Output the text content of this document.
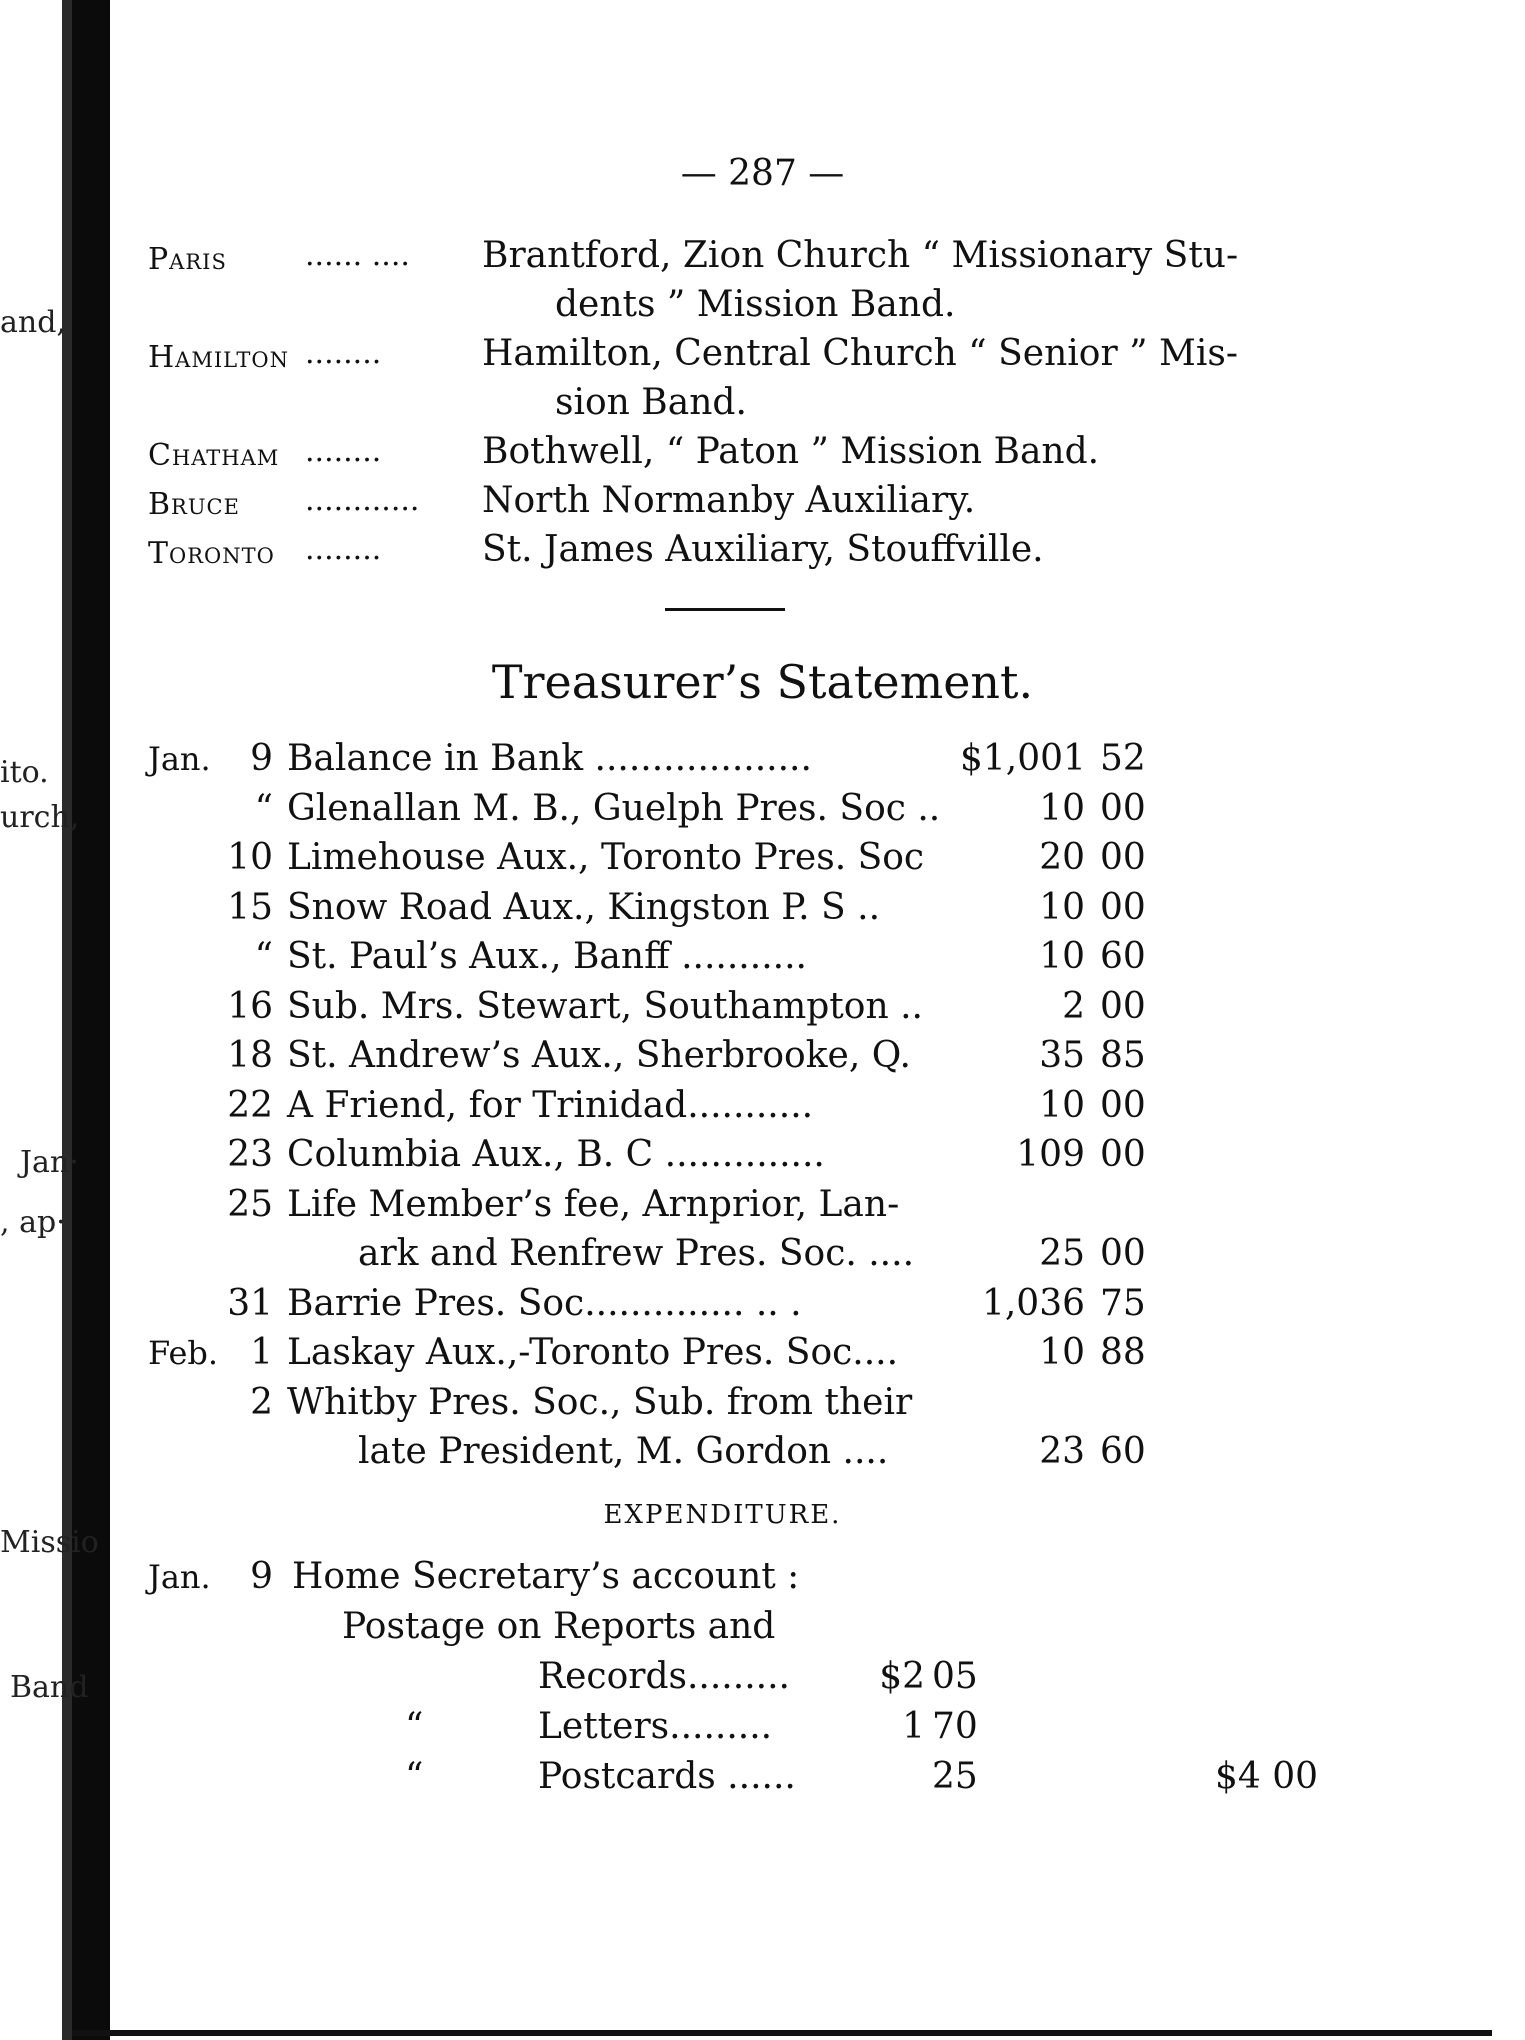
and,
ito.
urch,
Jan·
, ap·
Missio
Band
— 287 —
Paris	...... .... Brantford, Zion Church “ Missionary Stu-
dents ” Mission Band.
Hamilton ........	Hamilton, Central Church “ Senior ” Mis-
sion Band.
Chatham ........	Bothwell, “ Paton ” Mission Band.
Bruce ............ North Normanby Auxiliary.
Toronto ........	St. James Auxiliary, Stouffville.
Treasurer’s Statement.
Jan.	9 Balance in Bank ...................	$1,001 52
“ Glenallan M. B., Guelph Pres. Soc ..	10 00
10 Limehouse Aux., Toronto Pres. Soc	20 00
15 Snow Road Aux., Kingston P. S ..	10 00
“ St. Paul’s Aux., Banff ...........	10 60
16 Sub. Mrs. Stewart, Southampton ..	2 00
18 St. Andrew’s Aux., Sherbrooke, Q.	35 85
22 A Friend, for Trinidad...........	10 00
23 Columbia Aux., B. C ..............	109 00
25 Life Member’s fee, Arnprior, Lan-
ark and Renfrew Pres. Soc. ....	25 00
31 Barrie Pres. Soc.............. .. .	1,036 75
Feb. 1 Laskay Aux.,-Toronto Pres. Soc....	10 88
2 Whitby Pres. Soc., Sub. from their
late President, M. Gordon ....	23 60
EXPENDITURE.
Jan.	9 Home Secretary’s account :
Postage on Reports and
Records.........	$2 05
“	Letters.........	1 70
“	Postcards ......	25	$4 00
